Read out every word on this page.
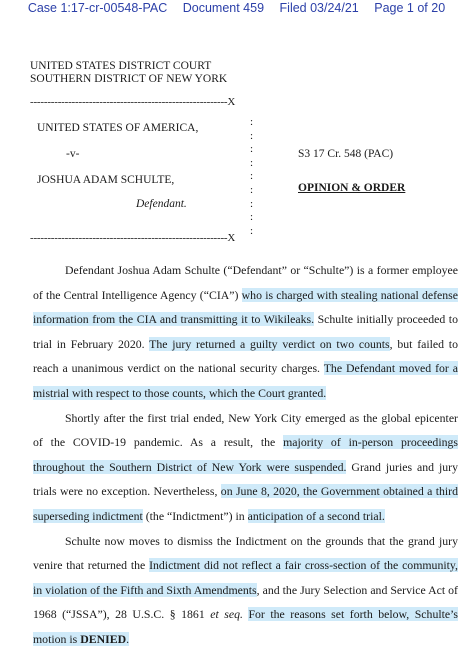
Case 1:17-cr-00548-PAC Document 459 Filed 03/24/21 Page 1 of 20
UNITED STATES DISTRICT COURT
SOUTHERN DISTRICT OF NEW YORK
---------------------------------------------------------X
UNITED STATES OF AMERICA,
-v-
JOSHUA ADAM SCHULTE,
Defendant.
:
:
:
:
:
:
:
:
:
---------------------------------------------------------X
S3 17 Cr. 548 (PAC)
OPINION & ORDER

Defendant Joshua Adam Schulte (“Defendant” or “Schulte”) is a former employee of the Central Intelligence Agency (“CIA”) who is charged with stealing national defense information from the CIA and transmitting it to Wikileaks. Schulte initially proceeded to trial in February 2020. The jury returned a guilty verdict on two counts, but failed to reach a unanimous verdict on the national security charges. The Defendant moved for a mistrial with respect to those counts, which the Court granted.

Shortly after the first trial ended, New York City emerged as the global epicenter of the COVID-19 pandemic. As a result, the majority of in-person proceedings throughout the Southern District of New York were suspended. Grand juries and jury trials were no exception. Nevertheless, on June 8, 2020, the Government obtained a third superseding indictment (the “Indictment”) in anticipation of a second trial.

Schulte now moves to dismiss the Indictment on the grounds that the grand jury venire that returned the Indictment did not reflect a fair cross-section of the community, in violation of the Fifth and Sixth Amendments, and the Jury Selection and Service Act of 1968 (“JSSA”), 28 U.S.C. § 1861 et seq. For the reasons set forth below, Schulte’s motion is DENIED.
